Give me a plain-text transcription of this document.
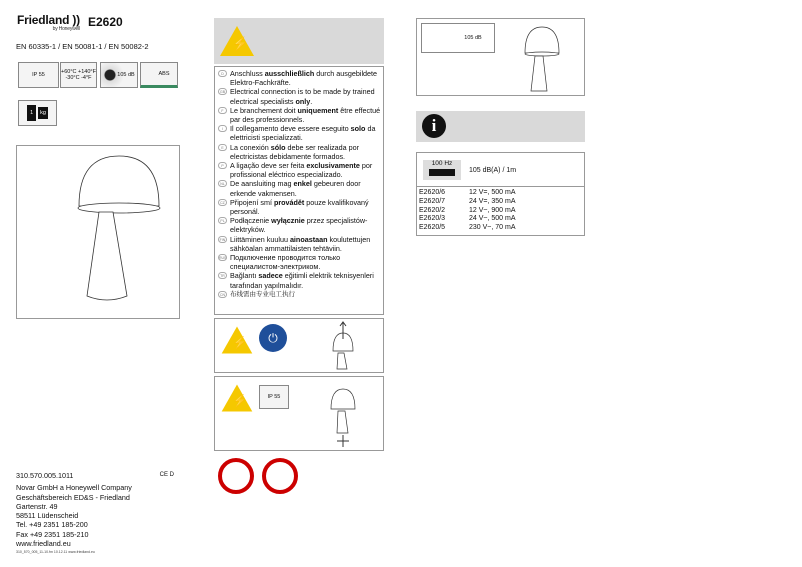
Friedland ))
by Honeywell E2620
EN 60335-1 / EN 50081-1 / EN 50082-2
IP 55	+60°C +140°F
-30°C -4°F	105 dB	ABS
1	kg
310.570.005.1011	CE D
Novar GmbH a Honeywell Company
Geschäftsbereich ED&S - Friedland
Gartenstr. 49
58511 Lüdenscheid
Tel. +49 2351 185-200
Fax +49 2351 185-210
www.friedland.eu
310_570_005_11-10.fm 10.12.11 www.friedland.eu
⚡
D Anschluss ausschließlich durch ausgebildete Elektro-Fachkräfte.
GB Electrical connection is to be made by trained electrical specialists only.
F Le branchement doit uniquement être effectué par des professionnels.
I Il collegamento deve essere eseguito solo da elettricisti specializzati.
E La conexión sólo debe ser realizada por electricistas debidamente formados.
P A ligação deve ser feita exclusivamente por profissional eléctrico especializado.
NL De aansluiting mag enkel gebeuren door erkende vakmensen.
CZ Připojení smí provádět pouze kvalifikovaný personál.
PL Podłączenie wyłącznie przez specjalistów-elektryków.
FIN Liittäminen kuuluu ainoastaan koulutettujen sähköalan ammattilaisten tehtäviin.
RUS Подключение проводится только специалистом-электриком.
TR Bağlantı sadece eğitimli elektrik teknisyenleri tarafından yapılmalıdır.
CN 布线需由专业电工执行
⚡
⏻
⚡
IP 55
105 dB
i
100 Hz
105 dB(A) / 1m
E2620/6	12 V=, 500 mA
E2620/7	24 V=, 350 mA
E2620/2	12 V~, 900 mA
E2620/3	24 V~, 500 mA
E2620/5	230 V~, 70 mA
